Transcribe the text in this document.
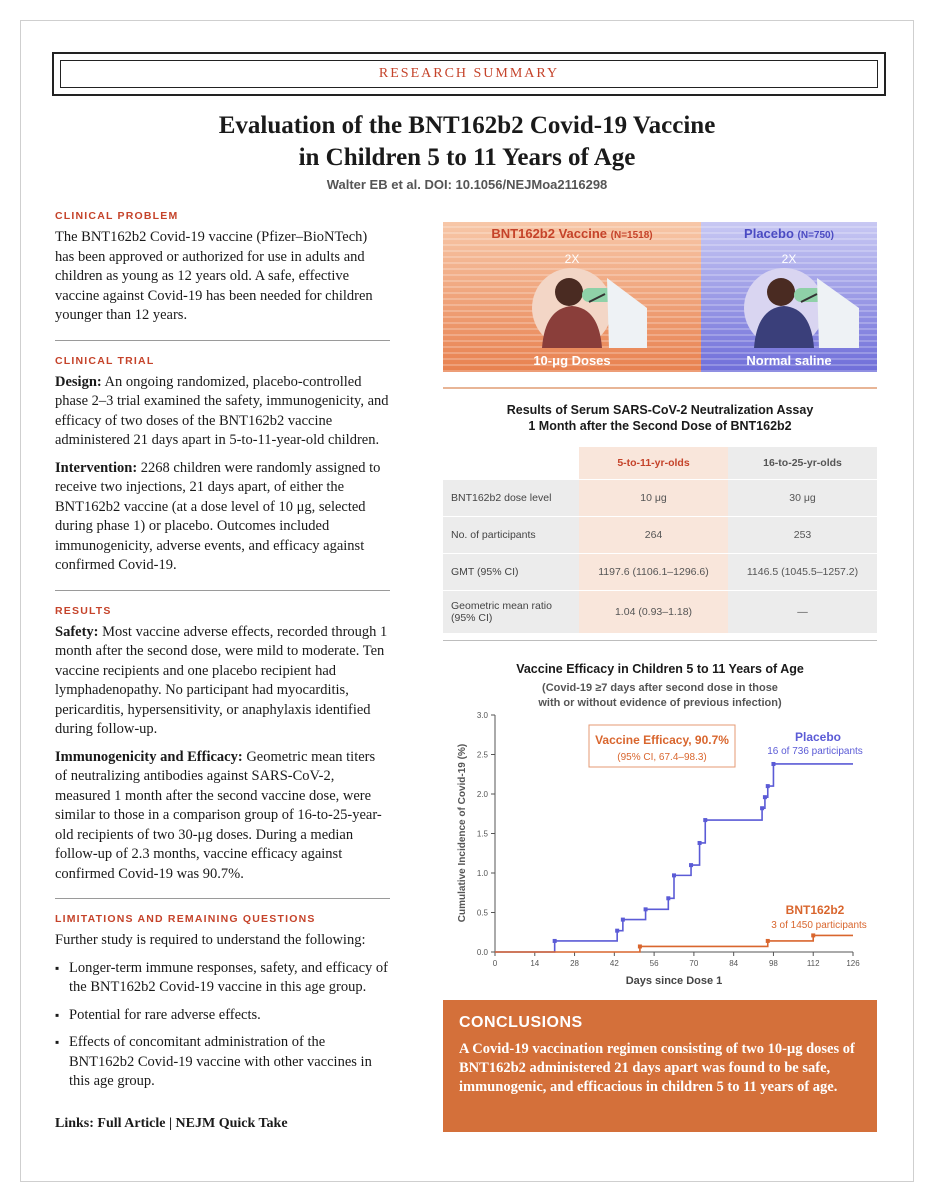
RESEARCH SUMMARY
Evaluation of the BNT162b2 Covid-19 Vaccine
in Children 5 to 11 Years of Age
Walter EB et al. DOI: 10.1056/NEJMoa2116298
CLINICAL PROBLEM

The BNT162b2 Covid-19 vaccine (Pfizer–BioNTech) has been approved or authorized for use in adults and children as young as 12 years old. A safe, effective vaccine against Covid-19 has been needed for children younger than 12 years.

CLINICAL TRIAL

Design: An ongoing randomized, placebo-controlled phase 2–3 trial examined the safety, immunogenicity, and efficacy of two doses of the BNT162b2 vaccine administered 21 days apart in 5-to-11-year-old children.

Intervention: 2268 children were randomly assigned to receive two injections, 21 days apart, of either the BNT162b2 vaccine (at a dose level of 10 μg, selected during phase 1) or placebo. Outcomes included immunogenicity, adverse events, and efficacy against confirmed Covid-19.

RESULTS

Safety: Most vaccine adverse effects, recorded through 1 month after the second dose, were mild to moderate. Ten vaccine recipients and one placebo recipient had lymphadenopathy. No participant had myocarditis, pericarditis, hypersensitivity, or anaphylaxis identified during follow-up.

Immunogenicity and Efficacy: Geometric mean titers of neutralizing antibodies against SARS-CoV-2, measured 1 month after the second vaccine dose, were similar to those in a comparison group of 16-to-25-year-old recipients of two 30-μg doses. During a median follow-up of 2.3 months, vaccine efficacy against confirmed Covid-19 was 90.7%.

LIMITATIONS AND REMAINING QUESTIONS

Further study is required to understand the following:

▪ Longer-term immune responses, safety, and efficacy of the BNT162b2 Covid-19 vaccine in this age group.
▪ Potential for rare adverse effects.
▪ Effects of concomitant administration of the BNT162b2 Covid-19 vaccine with other vaccines in this age group.
Links: Full Article | NEJM Quick Take
BNT162b2 Vaccine (N=1518)
2X
10-μg Doses
Placebo (N=750)
2X
Normal saline
Results of Serum SARS-CoV-2 Neutralization Assay
1 Month after the Second Dose of BNT162b2
	5-to-11-yr-olds	16-to-25-yr-olds
BNT162b2 dose level	10 μg	30 μg
No. of participants	264	253
GMT (95% CI)	1197.6 (1106.1–1296.6)	1146.5 (1045.5–1257.2)
Geometric mean ratio (95% CI)	1.04 (0.93–1.18)	—
Vaccine Efficacy in Children 5 to 11 Years of Age
(Covid-19 ≥7 days after second dose in those
with or without evidence of previous infection)
0.0
0.5
1.0
1.5
2.0
2.5
3.0
0	14	28	42	56	70	84	98	112	126
Cumulative Incidence of Covid-19 (%)
Days since Dose 1
Vaccine Efficacy, 90.7%
(95% CI, 67.4–98.3)
Placebo
16 of 736 participants
BNT162b2
3 of 1450 participants
CONCLUSIONS
A Covid-19 vaccination regimen consisting of two 10-μg doses of BNT162b2 administered 21 days apart was found to be safe, immunogenic, and efficacious in children 5 to 11 years of age.
